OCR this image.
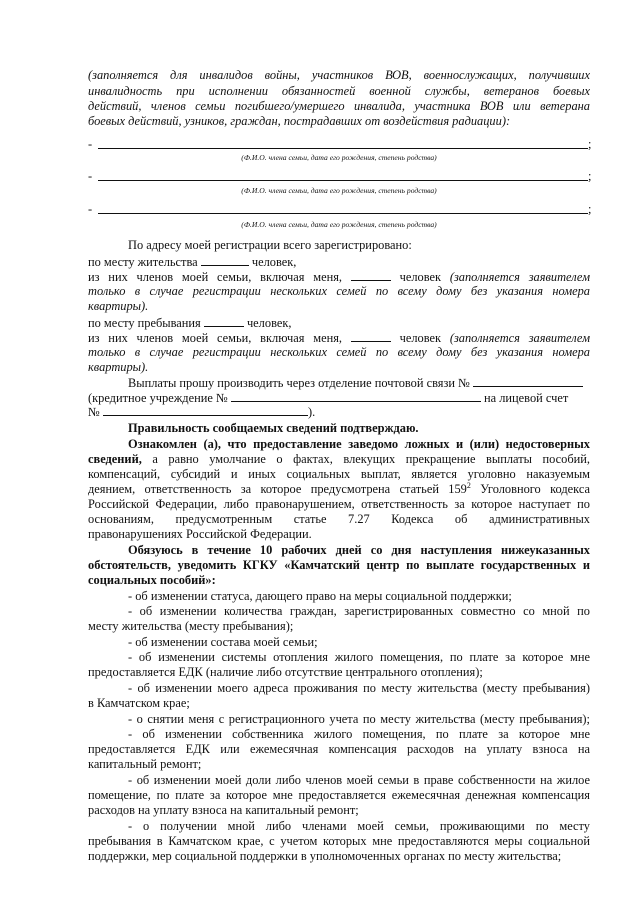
(заполняется для инвалидов войны, участников ВОВ, военнослужащих, получивших
инвалидность при исполнении обязанностей военной службы, ветеранов боевых
действий, членов семьи погибшего/умершего инвалида, участника ВОВ или ветерана
боевых действий, узников, граждан, пострадавших от воздействия радиации):
-	;
(Ф.И.О. члена семьи, дата его рождения, степень родства)
-	;
(Ф.И.О. члена семьи, дата его рождения, степень родства)
-	;
(Ф.И.О. члена семьи, дата его рождения, степень родства)
По адресу моей регистрации всего зарегистрировано:
по месту жительства	человек,
из них членов моей семьи, включая меня,	человек (заполняется заявителем
только в случае регистрации нескольких семей по всему дому без указания номера
квартиры).
по месту пребывания	человек,
из них членов моей семьи, включая меня,	человек (заполняется заявителем
только в случае регистрации нескольких семей по всему дому без указания номера
квартиры).
Выплаты прошу производить через отделение почтовой связи №
(кредитное учреждение №	на лицевой счет
№	).
Правильность сообщаемых сведений подтверждаю.
Ознакомлен (а), что предоставление заведомо ложных и (или) недостоверных
сведений, а равно умолчание о фактах, влекущих прекращение выплаты пособий,
компенсаций, субсидий и иных социальных выплат, является уголовно наказуемым
деянием, ответственность за которое предусмотрена статьей $159^2$ Уголовного кодекса
Российской Федерации, либо правонарушением, ответственность за которое наступает по
основаниям, предусмотренным статье 7.27 Кодекса об административных
правонарушениях Российской Федерации.
Обязуюсь в течение 10 рабочих дней со дня наступления нижеуказанных
обстоятельств, уведомить КГКУ «Камчатский центр по выплате государственных и
социальных пособий»:
- об изменении статуса, дающего право на меры социальной поддержки;
- об изменении количества граждан, зарегистрированных совместно со мной по
месту жительства (месту пребывания);
- об изменении состава моей семьи;
- об изменении системы отопления жилого помещения, по плате за которое мне
предоставляется ЕДК (наличие либо отсутствие центрального отопления);
- об изменении моего адреса проживания по месту жительства (месту пребывания)
в Камчатском крае;
- о снятии меня с регистрационного учета по месту жительства (месту пребывания);
- об изменении собственника жилого помещения, по плате за которое мне
предоставляется ЕДК или ежемесячная компенсация расходов на уплату взноса на
капитальный ремонт;
- об изменении моей доли либо членов моей семьи в праве собственности на жилое
помещение, по плате за которое мне предоставляется ежемесячная денежная компенсация
расходов на уплату взноса на капитальный ремонт;
- о получении мной либо членами моей семьи, проживающими по месту
пребывания в Камчатском крае, с учетом которых мне предоставляются меры социальной
поддержки, мер социальной поддержки в уполномоченных органах по месту жительства;
